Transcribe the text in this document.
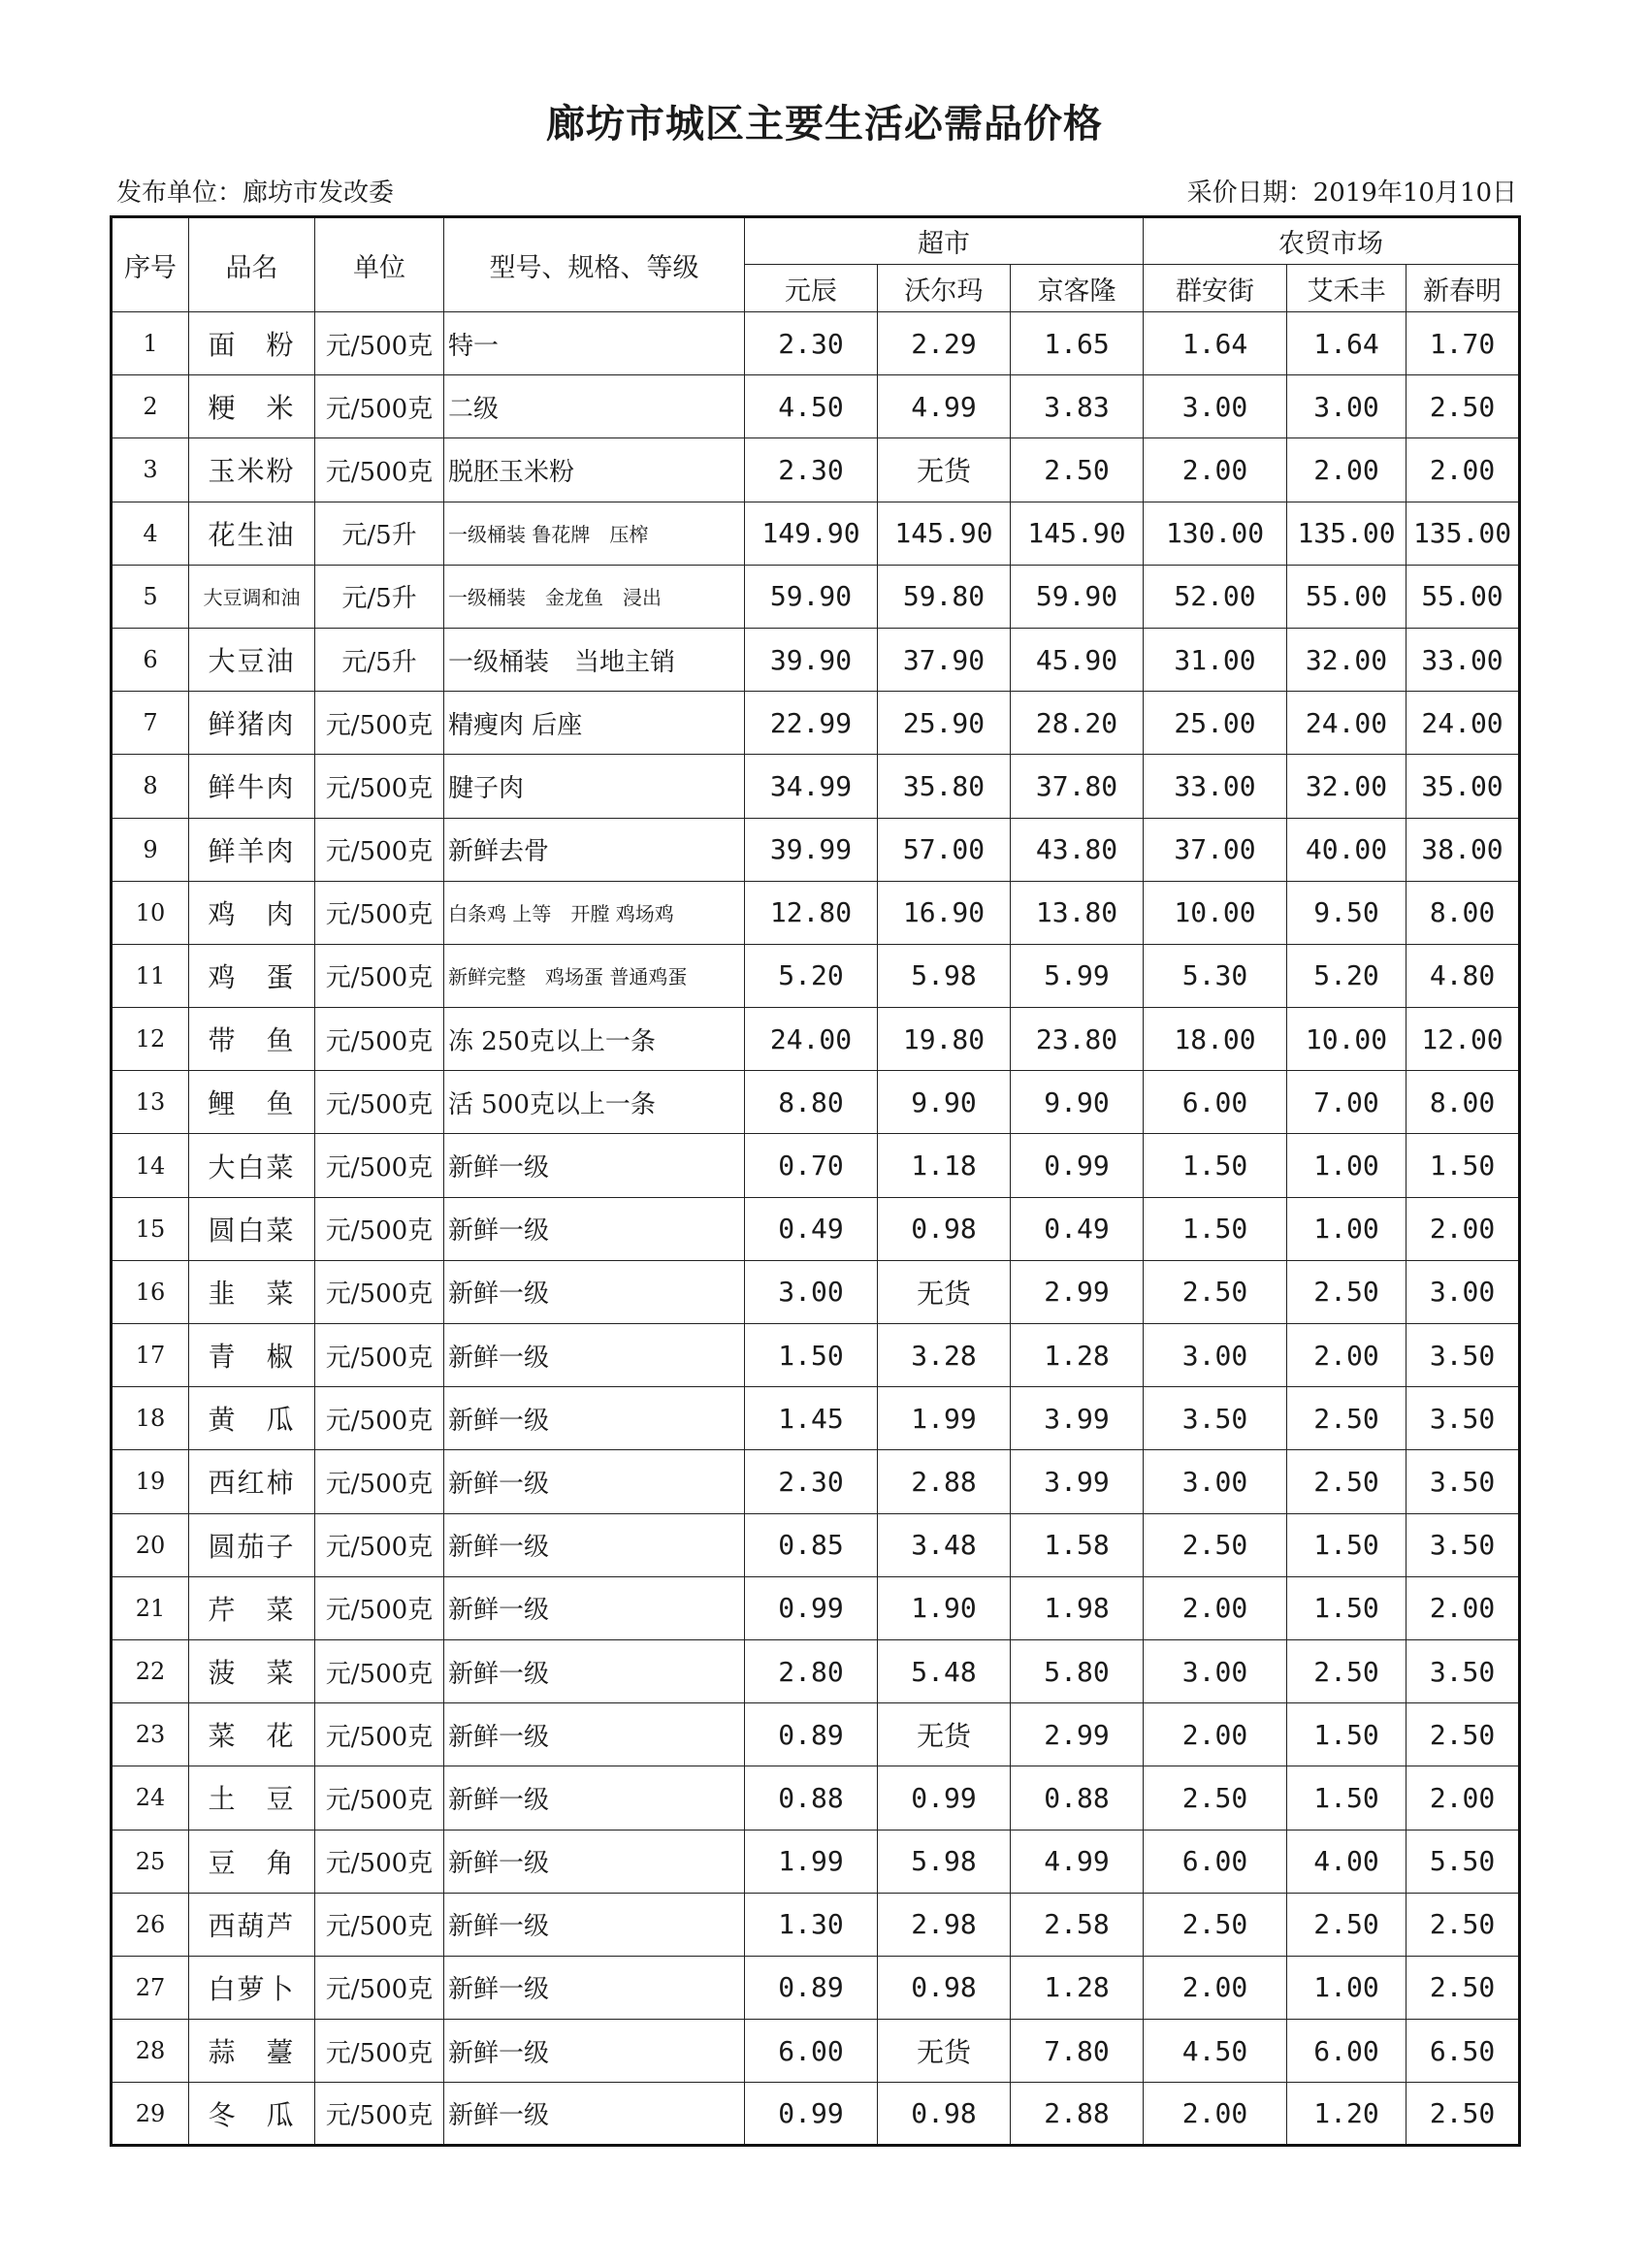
廊坊市城区主要生活必需品价格
发布单位：廊坊市发改委	采价日期：2019年10月10日
序号	品名	单位	型号、规格、等级	超市			农贸市场		
				元辰	沃尔玛	京客隆	群安街	艾禾丰	新春明
1	面　粉	元/500克	特一	2.30	2.29	1.65	1.64	1.64	1.70
2	粳　米	元/500克	二级	4.50	4.99	3.83	3.00	3.00	2.50
3	玉米粉	元/500克	脱胚玉米粉	2.30	无货	2.50	2.00	2.00	2.00
4	花生油	元/5升	一级桶装 鲁花牌　压榨	149.90	145.90	145.90	130.00	135.00	135.00
5	大豆调和油	元/5升	一级桶装　金龙鱼　浸出	59.90	59.80	59.90	52.00	55.00	55.00
6	大豆油	元/5升	一级桶装　当地主销	39.90	37.90	45.90	31.00	32.00	33.00
7	鲜猪肉	元/500克	精瘦肉 后座	22.99	25.90	28.20	25.00	24.00	24.00
8	鲜牛肉	元/500克	腱子肉	34.99	35.80	37.80	33.00	32.00	35.00
9	鲜羊肉	元/500克	新鲜去骨	39.99	57.00	43.80	37.00	40.00	38.00
10	鸡　肉	元/500克	白条鸡 上等　开膛 鸡场鸡	12.80	16.90	13.80	10.00	9.50	8.00
11	鸡　蛋	元/500克	新鲜完整　鸡场蛋 普通鸡蛋	5.20	5.98	5.99	5.30	5.20	4.80
12	带　鱼	元/500克	冻 250克以上一条	24.00	19.80	23.80	18.00	10.00	12.00
13	鲤　鱼	元/500克	活 500克以上一条	8.80	9.90	9.90	6.00	7.00	8.00
14	大白菜	元/500克	新鲜一级	0.70	1.18	0.99	1.50	1.00	1.50
15	圆白菜	元/500克	新鲜一级	0.49	0.98	0.49	1.50	1.00	2.00
16	韭　菜	元/500克	新鲜一级	3.00	无货	2.99	2.50	2.50	3.00
17	青　椒	元/500克	新鲜一级	1.50	3.28	1.28	3.00	2.00	3.50
18	黄　瓜	元/500克	新鲜一级	1.45	1.99	3.99	3.50	2.50	3.50
19	西红柿	元/500克	新鲜一级	2.30	2.88	3.99	3.00	2.50	3.50
20	圆茄子	元/500克	新鲜一级	0.85	3.48	1.58	2.50	1.50	3.50
21	芹　菜	元/500克	新鲜一级	0.99	1.90	1.98	2.00	1.50	2.00
22	菠　菜	元/500克	新鲜一级	2.80	5.48	5.80	3.00	2.50	3.50
23	菜　花	元/500克	新鲜一级	0.89	无货	2.99	2.00	1.50	2.50
24	土　豆	元/500克	新鲜一级	0.88	0.99	0.88	2.50	1.50	2.00
25	豆　角	元/500克	新鲜一级	1.99	5.98	4.99	6.00	4.00	5.50
26	西葫芦	元/500克	新鲜一级	1.30	2.98	2.58	2.50	2.50	2.50
27	白萝卜	元/500克	新鲜一级	0.89	0.98	1.28	2.00	1.00	2.50
28	蒜　薹	元/500克	新鲜一级	6.00	无货	7.80	4.50	6.00	6.50
29	冬　瓜	元/500克	新鲜一级	0.99	0.98	2.88	2.00	1.20	2.50
